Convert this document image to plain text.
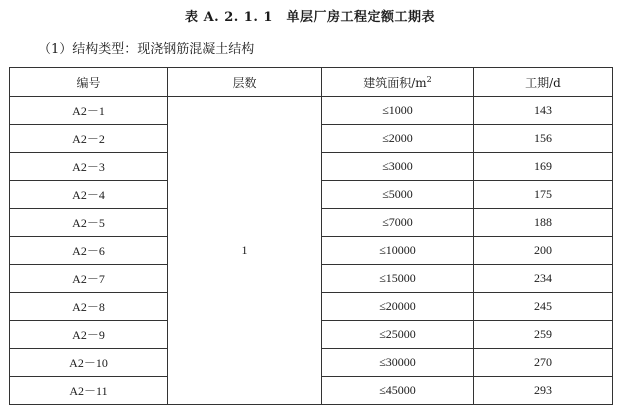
表 A. 2. 1. 1　单层厂房工程定额工期表
（1）结构类型：现浇钢筋混凝土结构
编号	层数	建筑面积$/m^2$	工期/d
A2－1	1	≤1000	143
A2－2		≤2000	156
A2－3		≤3000	169
A2－4		≤5000	175
A2－5		≤7000	188
A2－6		≤10000	200
A2－7		≤15000	234
A2－8		≤20000	245
A2－9		≤25000	259
A2－10		≤30000	270
A2－11		≤45000	293
